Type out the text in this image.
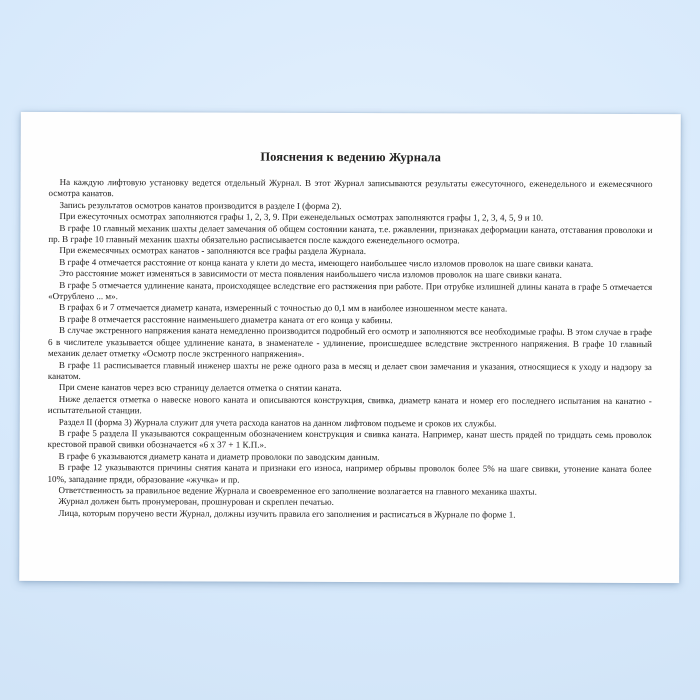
Пояснения к ведению Журнала

На каждую лифтовую установку ведется отдельный Журнал. В этот Журнал записываются результаты ежесуточного, еженедельного и ежемесячного осмотра канатов.

Запись результатов осмотров канатов производится в разделе I (форма 2).

При ежесуточных осмотрах заполняются графы 1, 2, 3, 9. При еженедельных осмотрах заполняются графы 1, 2, 3, 4, 5, 9 и 10.

В графе 10 главный механик шахты делает замечания об общем состоянии каната, т.е. ржавлении, признаках деформации каната, отставания проволоки и пр. В графе 10 главный механик шахты обязательно расписывается после каждого еженедельного осмотра.

При ежемесячных осмотрах канатов - заполняются все графы раздела Журнала.

В графе 4 отмечается расстояние от конца каната у клети до места, имеющего наибольшее число изломов проволок на шаге свивки каната.

Это расстояние может изменяться в зависимости от места появления наибольшего числа изломов проволок на шаге свивки каната.

В графе 5 отмечается удлинение каната, происходящее вследствие его растяжения при работе. При отрубке излишней длины каната в графе 5 отмечается «Отрублено ... м».

В графах 6 и 7 отмечается диаметр каната, измеренный с точностью до 0,1 мм в наиболее изношенном месте каната.

В графе 8 отмечается расстояние наименьшего диаметра каната от его конца у кабины.

В случае экстренного напряжения каната немедленно производится подробный его осмотр и заполняются все необходимые графы. В этом случае в графе 6 в числителе указывается общее удлинение каната, в знаменателе - удлинение, происшедшее вследствие экстренного напряжения. В графе 10 главный механик делает отметку «Осмотр после экстренного напряжения».

В графе 11 расписывается главный инженер шахты не реже одного раза в месяц и делает свои замечания и указания, относящиеся к уходу и надзору за канатом.

При смене канатов через всю страницу делается отметка о снятии каната.

Ниже делается отметка о навеске нового каната и описываются конструкция, свивка, диаметр каната и номер его последнего испытания на канатно - испытательной станции.

Раздел II (форма 3) Журнала служит для учета расхода канатов на данном лифтовом подъеме и сроков их службы.

В графе 5 раздела II указываются сокращенным обозначением конструкция и свивка каната. Например, канат шесть прядей по тридцать семь проволок крестовой правой свивки обозначается «6 x 37 + 1 К.П.».

В графе 6 указываются диаметр каната и диаметр проволоки по заводским данным.

В графе 12 указываются причины снятия каната и признаки его износа, например обрывы проволок более 5% на шаге свивки, утонение каната более 10%, западание пряди, образование «жучка» и пр.

Ответственность за правильное ведение Журнала и своевременное его заполнение возлагается на главного механика шахты.

Журнал должен быть пронумерован, прошнурован и скреплен печатью.

Лица, которым поручено вести Журнал, должны изучить правила его заполнения и расписаться в Журнале по форме 1.
